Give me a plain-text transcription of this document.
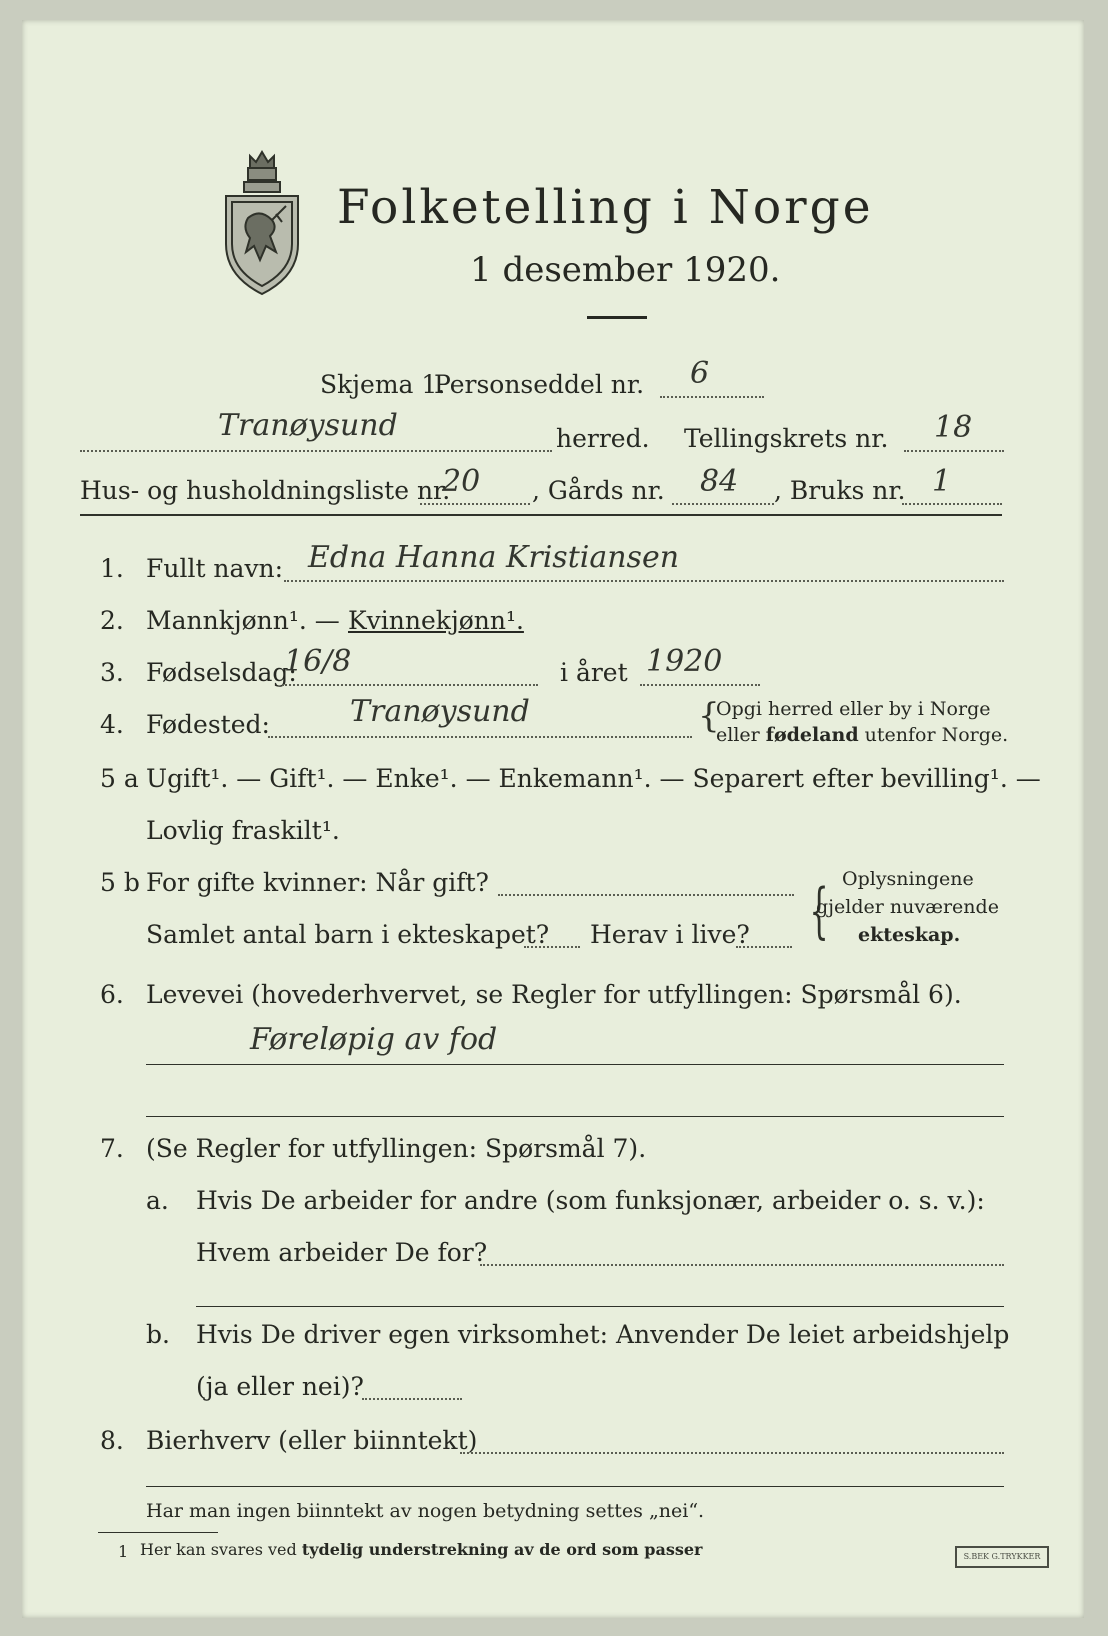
Folketelling i Norge
1 desember 1920.
Skjema 1.
Personseddel nr. 6
Tranøysund	herred. Tellingskrets nr. 18
Hus- og husholdningsliste nr.
20 , Gårds nr. 84 , Bruks nr. 1
1. Fullt navn: Edna Hanna Kristiansen
2. Mannkjønn¹. — Kvinnekjønn¹.
3. Fødselsdag:
16/8	i året 1920
4. Fødested:	Tranøysund	{
Opgi herred eller by i Norge
eller fødeland utenfor Norge.
5 a Ugift¹. — Gift¹. — Enke¹. — Enkemann¹. — Separert efter bevilling¹. —
Lovlig fraskilt¹.
5 b For gifte kvinner: Når gift?
Samlet antal barn i ekteskapet? Herav i live? { Oplysningene
gjelder nuværende
ekteskap.
6. Levevei (hovederhvervet, se Regler for utfyllingen: Spørsmål 6).
Føreløpig av fod
7. (Se Regler for utfyllingen: Spørsmål 7).
a. Hvis De arbeider for andre (som funksjonær, arbeider o. s. v.):
Hvem arbeider De for?
b. Hvis De driver egen virksomhet: Anvender De leiet arbeidshjelp
(ja eller nei)?
8. Bierhverv (eller biinntekt)
Har man ingen biinntekt av nogen betydning settes „nei“.
1 Her kan svares ved tydelig understrekning av de ord som passer	S.BEK G.TRYKKER
